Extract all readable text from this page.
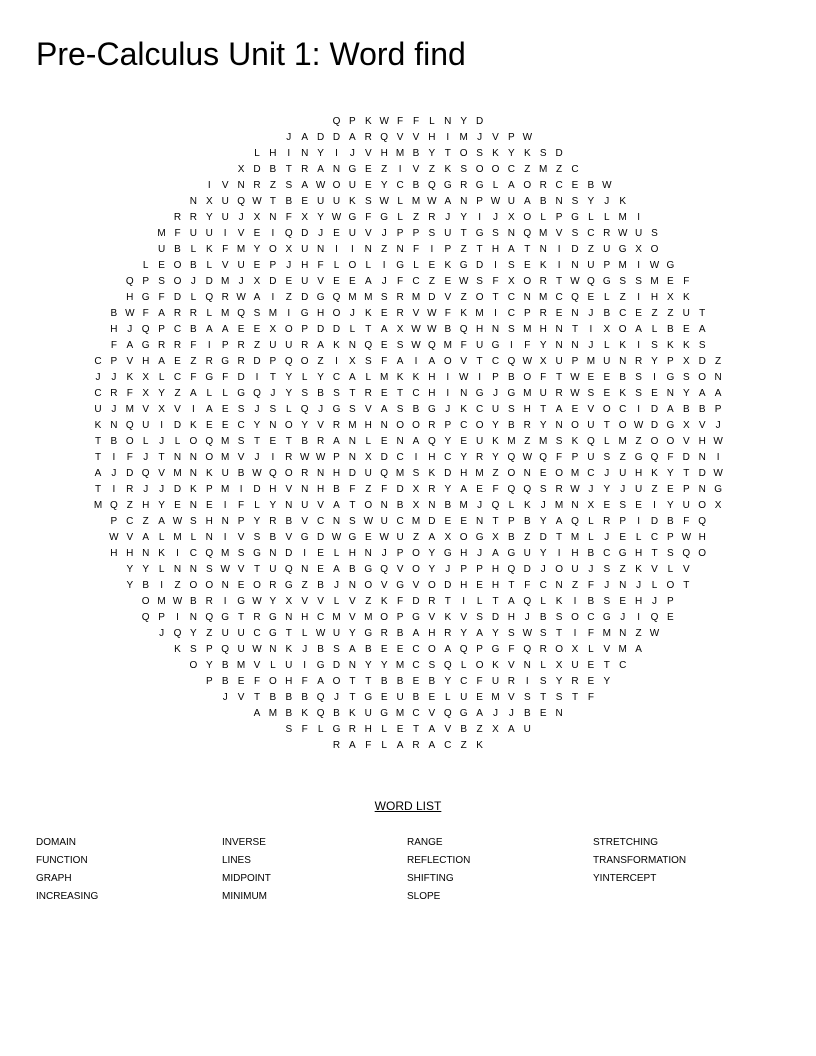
Pre-Calculus Unit 1: Word find
Q P K W F F	L N Y D
J	A D D A R Q V V H	I	M J	V P W
L H	I	N Y	I	J	V H M B Y T O S K Y K S D
X D B T R A N G E Z	I	V Z K S O O C Z M Z C
I	V N R Z S A W O U E Y C B Q G R G L A O R C E B W
N X U Q W T B E U U K S W L M W A N P W U A B N S Y	J	K
R R Y U J	X N F X Y W G F G L	Z R J	Y	I	J	X O L P G L	L M	I
M F U U	I	V E	I	Q D J	E U V	J	P P S U T G S N Q M V S C R W U S
U B L K F M Y O X U N	I	I	N Z N F	I	P Z T H A T N	I	D Z U G X O
L E O B L V U E P	J H F	L O L	I	G L E K G D	I	S E K	I	N U P M	I W G
Q P S O J D M J	X D E U V E E A	J	F C Z E W S F X O R T W Q G S S M E F
H G F D L Q R W A	I	Z D G Q M M S R M D V Z O T C N M C Q E L	Z	I	H X K
B W F A R R L M Q S M	I	G H O J	K E R V W F K M	I	C P R E N J	B C E Z Z U T
H J Q P C B A A E E X O P D D L	T A X W W B Q H N S M H N T	I	X O A L B E A
F A G R R F	I	P R Z U U R A K N Q E S W Q M F U G	I	F Y N N J	L K	I	S K K S
C P V H A E Z R G R D P Q O Z	I	X S F A	I	A O V T C Q W X U P M U N R Y P X D Z
J	J	K X L C F G F D	I	T Y L Y C A L M K K H	I W I	P B O F T W E E B S	I	G S O N
C R F X Y Z A L	L G Q J	Y S B S T R E T C H	I	N G J G M U R W S E K S E N Y A A
U J M V X V	I	A E S	J	S L Q J G S V A S B G J	K C U S H T A E V O C	I	D A B B P
K N Q U	I	D K E E C Y N O Y V R M H N O O R P C O Y B R Y N O U T O W D G X V	J
T B O L	J	L O Q M S T E T B R A N L E N A Q Y E U K M Z M S K Q L M Z O O V H W
T	I	F	J	T N N O M V	J	I	R W W P N X D C	I	H C Y R Y Q W Q F P U S Z G Q F D N	I
A	J D Q V M N K U B W Q O R N H D U Q M S K D H M Z O N E O M C J U H K Y T D W
T	I	R J	J D K P M	I	D H V N H B F Z F D X R Y A E F Q Q S R W J	Y	J U Z E P N G
M Q Z H Y E N E	I	F	L Y N U V A T O N B X N B M J Q L K	J M N X E S E	I	Y U O X
P C Z A W S H N P Y R B V C N S W U C M D E E N T P B Y A Q L R P	I	D B F Q
W V A L M L N	I	V S B V G D W G E W U Z A X O G X B Z D T M L	J	E L C P W H
H H N K	I	C Q M S G N D	I	E L H N J	P O Y G H J	A G U Y	I	H B C G H T S Q O
Y Y L N N S W V T U Q N E A B G Q V O Y	J	P P H Q D J O U J	S Z K V L V
Y B	I	Z O O N E O R G Z B	J N O V G V O D H E H T F C N Z F	J N J	L O T
O M W B R	I	G W Y X V V L V Z K F D R T	I	L	T A Q L K	I	B S E H J	P
Q P	I	N Q G T R G N H C M V M O P G V K V S D H J	B S O C G J	I	Q E
J Q Y Z U U C G T	L W U Y G R B A H R Y A Y S W S T	I	F M N Z W
K S P Q U W N K	J	B S A B E E C O A Q P G F Q R O X L V M A
O Y B M V L U	I	G D N Y Y M C S Q L O K V N L X U E T C
P B E F O H F A O T T B B E B Y C F U R	I	S Y R E Y
J	V T B B B Q J	T G E U B E L U E M V S T S T F
A M B K Q B K U G M C V Q G A	J	J	B E N
S F	L G R H L E T A V B Z X A U
R A F	L A R A C Z K
WORD LIST
DOMAIN
FUNCTION
GRAPH
INCREASING
INVERSE
LINES
MIDPOINT
MINIMUM
RANGE
REFLECTION
SHIFTING
SLOPE
STRETCHING
TRANSFORMATION
YINTERCEPT
